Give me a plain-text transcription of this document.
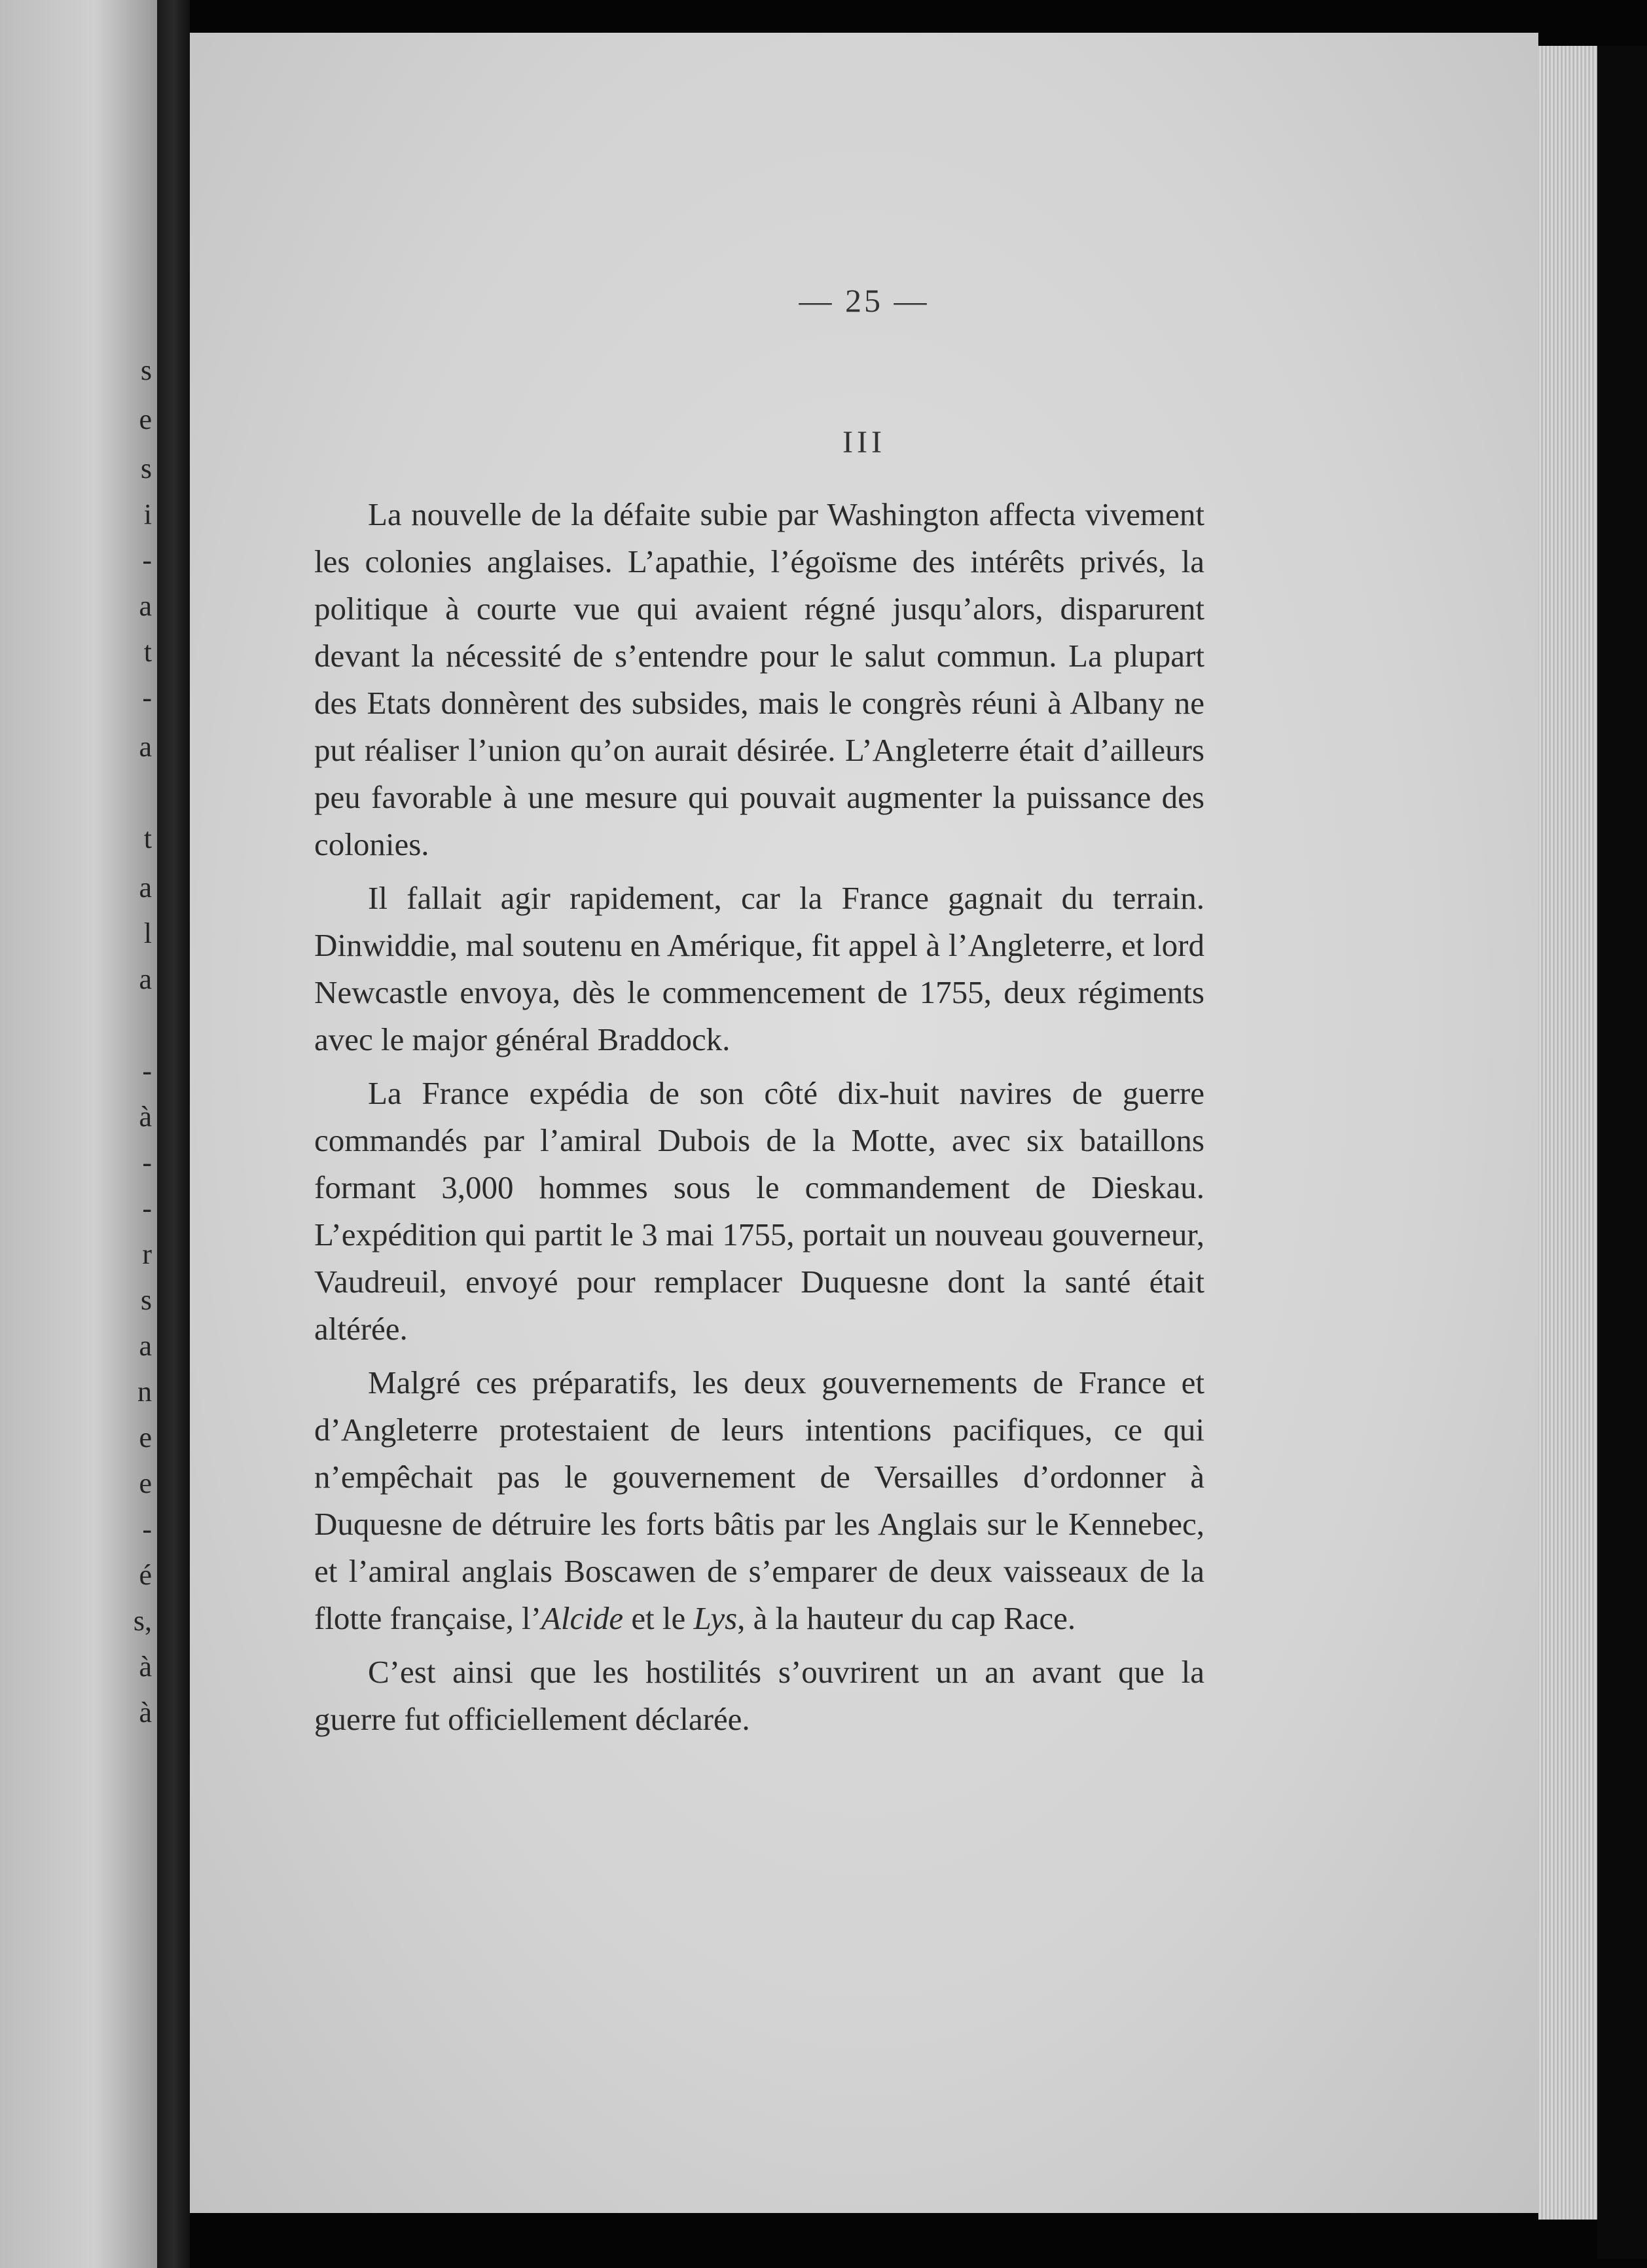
s
e
s
i
-
a
t
-
a
t
a
l
a
-
à
-
-
r
s
a
n
e
e
-
é
s,
à
à
— 25 —
III

La nouvelle de la défaite subie par Washington affecta vivement les colonies anglaises. L’apathie, l’égoïsme des intérêts privés, la politique à courte vue qui avaient régné jusqu’alors, disparurent devant la nécessité de s’entendre pour le salut commun. La plupart des Etats donnèrent des subsides, mais le congrès réuni à Albany ne put réaliser l’union qu’on aurait désirée. L’Angleterre était d’ailleurs peu favorable à une mesure qui pouvait augmenter la puissance des colonies.

Il fallait agir rapidement, car la France gagnait du terrain. Dinwiddie, mal soutenu en Amérique, fit appel à l’Angleterre, et lord Newcastle envoya, dès le commencement de 1755, deux régiments avec le major général Braddock.

La France expédia de son côté dix-huit navires de guerre commandés par l’amiral Dubois de la Motte, avec six bataillons formant 3,000 hommes sous le commandement de Dieskau. L’expédition qui partit le 3 mai 1755, portait un nouveau gouverneur, Vaudreuil, envoyé pour remplacer Duquesne dont la santé était altérée.

Malgré ces préparatifs, les deux gouvernements de France et d’Angleterre protestaient de leurs intentions pacifiques, ce qui n’empêchait pas le gouvernement de Versailles d’ordonner à Duquesne de détruire les forts bâtis par les Anglais sur le Kennebec, et l’amiral anglais Boscawen de s’emparer de deux vaisseaux de la flotte française, l’Alcide et le Lys, à la hauteur du cap Race.

C’est ainsi que les hostilités s’ouvrirent un an avant que la guerre fut officiellement déclarée.
